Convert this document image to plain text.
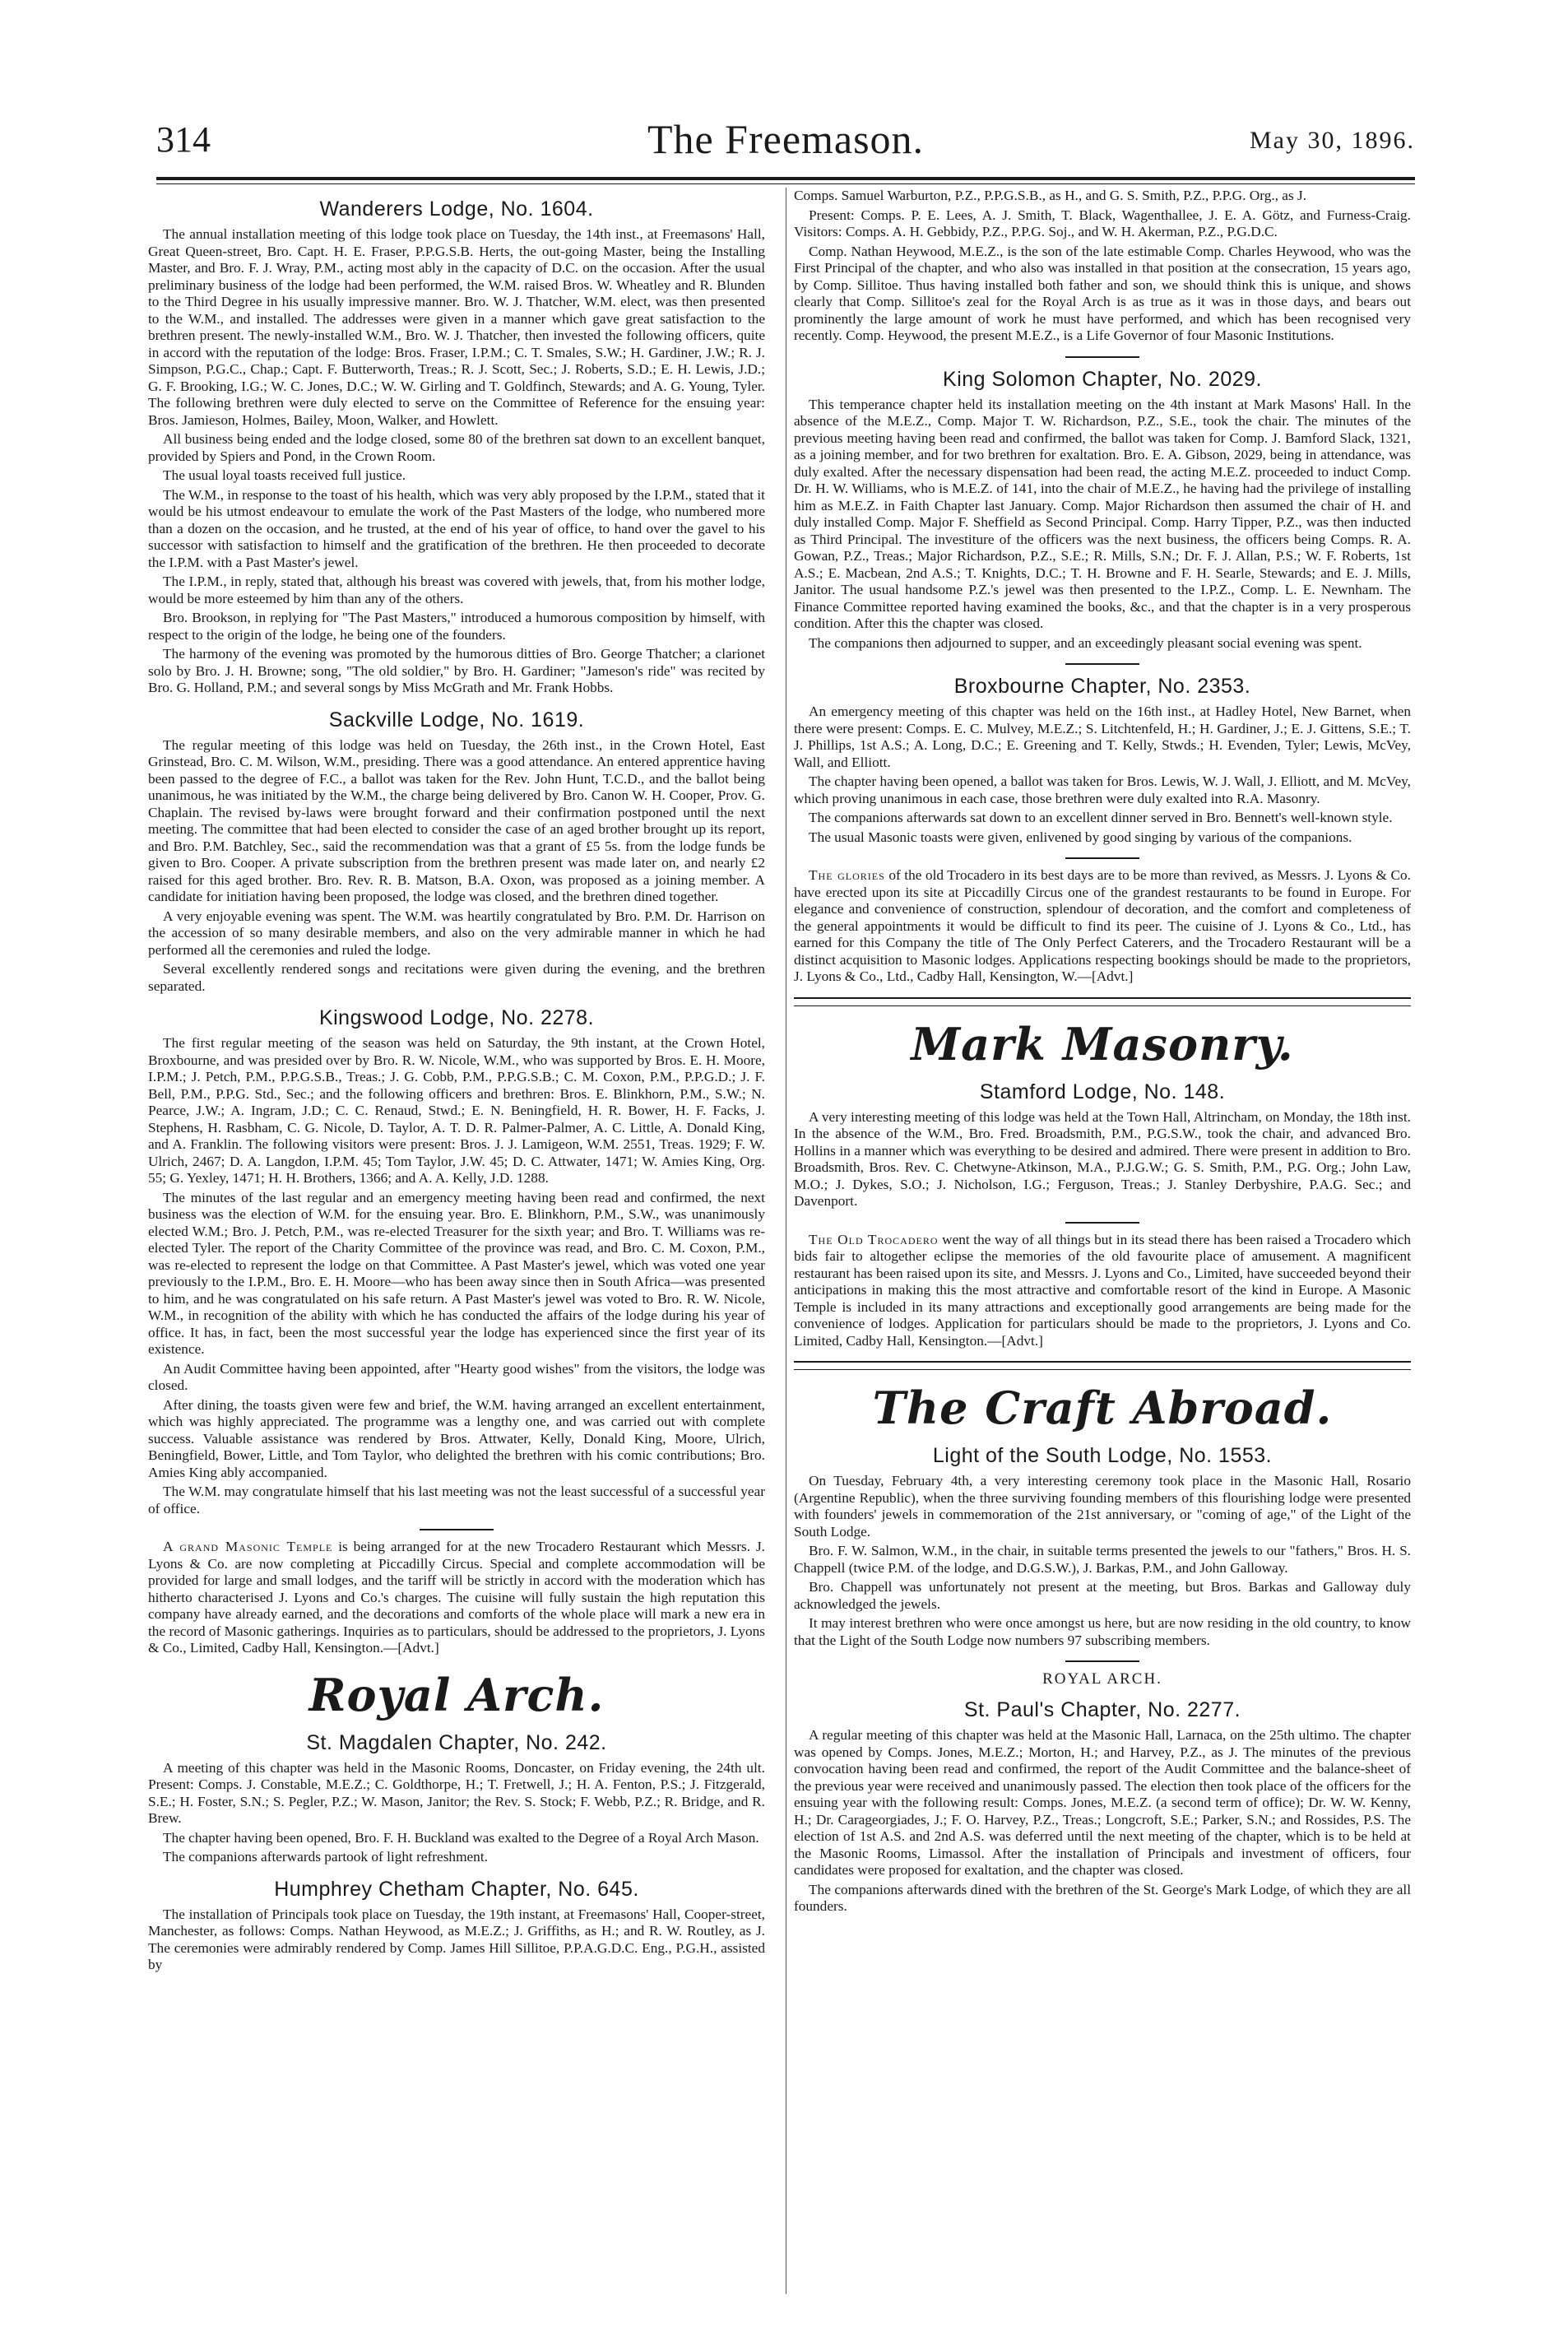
314	The Freemason.	May 30, 1896.
Wanderers Lodge, No. 1604.

The annual installation meeting of this lodge took place on Tuesday, the 14th inst., at Freemasons' Hall, Great Queen-street, Bro. Capt. H. E. Fraser, P.P.G.S.B. Herts, the out-going Master, being the Installing Master, and Bro. F. J. Wray, P.M., acting most ably in the capacity of D.C. on the occasion. After the usual preliminary business of the lodge had been performed, the W.M. raised Bros. W. Wheatley and R. Blunden to the Third Degree in his usually impressive manner. Bro. W. J. Thatcher, W.M. elect, was then presented to the W.M., and installed. The addresses were given in a manner which gave great satisfaction to the brethren present. The newly-installed W.M., Bro. W. J. Thatcher, then invested the following officers, quite in accord with the reputation of the lodge: Bros. Fraser, I.P.M.; C. T. Smales, S.W.; H. Gardiner, J.W.; R. J. Simpson, P.G.C., Chap.; Capt. F. Butterworth, Treas.; R. J. Scott, Sec.; J. Roberts, S.D.; E. H. Lewis, J.D.; G. F. Brooking, I.G.; W. C. Jones, D.C.; W. W. Girling and T. Goldfinch, Stewards; and A. G. Young, Tyler. The following brethren were duly elected to serve on the Committee of Reference for the ensuing year: Bros. Jamieson, Holmes, Bailey, Moon, Walker, and Howlett.

All business being ended and the lodge closed, some 80 of the brethren sat down to an excellent banquet, provided by Spiers and Pond, in the Crown Room.

The usual loyal toasts received full justice.

The W.M., in response to the toast of his health, which was very ably proposed by the I.P.M., stated that it would be his utmost endeavour to emulate the work of the Past Masters of the lodge, who numbered more than a dozen on the occasion, and he trusted, at the end of his year of office, to hand over the gavel to his successor with satisfaction to himself and the gratification of the brethren. He then proceeded to decorate the I.P.M. with a Past Master's jewel.

The I.P.M., in reply, stated that, although his breast was covered with jewels, that, from his mother lodge, would be more esteemed by him than any of the others.

Bro. Brookson, in replying for "The Past Masters," introduced a humorous composition by himself, with respect to the origin of the lodge, he being one of the founders.

The harmony of the evening was promoted by the humorous ditties of Bro. George Thatcher; a clarionet solo by Bro. J. H. Browne; song, "The old soldier," by Bro. H. Gardiner; "Jameson's ride" was recited by Bro. G. Holland, P.M.; and several songs by Miss McGrath and Mr. Frank Hobbs.

Sackville Lodge, No. 1619.

The regular meeting of this lodge was held on Tuesday, the 26th inst., in the Crown Hotel, East Grinstead, Bro. C. M. Wilson, W.M., presiding. There was a good attendance. An entered apprentice having been passed to the degree of F.C., a ballot was taken for the Rev. John Hunt, T.C.D., and the ballot being unanimous, he was initiated by the W.M., the charge being delivered by Bro. Canon W. H. Cooper, Prov. G. Chaplain. The revised by-laws were brought forward and their confirmation postponed until the next meeting. The committee that had been elected to consider the case of an aged brother brought up its report, and Bro. P.M. Batchley, Sec., said the recommendation was that a grant of £5 5s. from the lodge funds be given to Bro. Cooper. A private subscription from the brethren present was made later on, and nearly £2 raised for this aged brother. Bro. Rev. R. B. Matson, B.A. Oxon, was proposed as a joining member. A candidate for initiation having been proposed, the lodge was closed, and the brethren dined together.

A very enjoyable evening was spent. The W.M. was heartily congratulated by Bro. P.M. Dr. Harrison on the accession of so many desirable members, and also on the very admirable manner in which he had performed all the ceremonies and ruled the lodge.

Several excellently rendered songs and recitations were given during the evening, and the brethren separated.

Kingswood Lodge, No. 2278.

The first regular meeting of the season was held on Saturday, the 9th instant, at the Crown Hotel, Broxbourne, and was presided over by Bro. R. W. Nicole, W.M., who was supported by Bros. E. H. Moore, I.P.M.; J. Petch, P.M., P.P.G.S.B., Treas.; J. G. Cobb, P.M., P.P.G.S.B.; C. M. Coxon, P.M., P.P.G.D.; J. F. Bell, P.M., P.P.G. Std., Sec.; and the following officers and brethren: Bros. E. Blinkhorn, P.M., S.W.; N. Pearce, J.W.; A. Ingram, J.D.; C. C. Renaud, Stwd.; E. N. Beningfield, H. R. Bower, H. F. Facks, J. Stephens, H. Rasbham, C. G. Nicole, D. Taylor, A. T. D. R. Palmer-Palmer, A. C. Little, A. Donald King, and A. Franklin. The following visitors were present: Bros. J. J. Lamigeon, W.M. 2551, Treas. 1929; F. W. Ulrich, 2467; D. A. Langdon, I.P.M. 45; Tom Taylor, J.W. 45; D. C. Attwater, 1471; W. Amies King, Org. 55; G. Yexley, 1471; H. H. Brothers, 1366; and A. A. Kelly, J.D. 1288.

The minutes of the last regular and an emergency meeting having been read and confirmed, the next business was the election of W.M. for the ensuing year. Bro. E. Blinkhorn, P.M., S.W., was unanimously elected W.M.; Bro. J. Petch, P.M., was re-elected Treasurer for the sixth year; and Bro. T. Williams was re-elected Tyler. The report of the Charity Committee of the province was read, and Bro. C. M. Coxon, P.M., was re-elected to represent the lodge on that Committee. A Past Master's jewel, which was voted one year previously to the I.P.M., Bro. E. H. Moore—who has been away since then in South Africa—was presented to him, and he was congratulated on his safe return. A Past Master's jewel was voted to Bro. R. W. Nicole, W.M., in recognition of the ability with which he has conducted the affairs of the lodge during his year of office. It has, in fact, been the most successful year the lodge has experienced since the first year of its existence.

An Audit Committee having been appointed, after "Hearty good wishes" from the visitors, the lodge was closed.

After dining, the toasts given were few and brief, the W.M. having arranged an excellent entertainment, which was highly appreciated. The programme was a lengthy one, and was carried out with complete success. Valuable assistance was rendered by Bros. Attwater, Kelly, Donald King, Moore, Ulrich, Beningfield, Bower, Little, and Tom Taylor, who delighted the brethren with his comic contributions; Bro. Amies King ably accompanied.

The W.M. may congratulate himself that his last meeting was not the least successful of a successful year of office.

A grand Masonic Temple is being arranged for at the new Trocadero Restaurant which Messrs. J. Lyons & Co. are now completing at Piccadilly Circus. Special and complete accommodation will be provided for large and small lodges, and the tariff will be strictly in accord with the moderation which has hitherto characterised J. Lyons and Co.'s charges. The cuisine will fully sustain the high reputation this company have already earned, and the decorations and comforts of the whole place will mark a new era in the record of Masonic gatherings. Inquiries as to particulars, should be addressed to the proprietors, J. Lyons & Co., Limited, Cadby Hall, Kensington.—[Advt.]

Royal Arch.
St. Magdalen Chapter, No. 242.

A meeting of this chapter was held in the Masonic Rooms, Doncaster, on Friday evening, the 24th ult. Present: Comps. J. Constable, M.E.Z.; C. Goldthorpe, H.; T. Fretwell, J.; H. A. Fenton, P.S.; J. Fitzgerald, S.E.; H. Foster, S.N.; S. Pegler, P.Z.; W. Mason, Janitor; the Rev. S. Stock; F. Webb, P.Z.; R. Bridge, and R. Brew.

The chapter having been opened, Bro. F. H. Buckland was exalted to the Degree of a Royal Arch Mason.

The companions afterwards partook of light refreshment.

Humphrey Chetham Chapter, No. 645.

The installation of Principals took place on Tuesday, the 19th instant, at Freemasons' Hall, Cooper-street, Manchester, as follows: Comps. Nathan Heywood, as M.E.Z.; J. Griffiths, as H.; and R. W. Routley, as J. The ceremonies were admirably rendered by Comp. James Hill Sillitoe, P.P.A.G.D.C. Eng., P.G.H., assisted by

Comps. Samuel Warburton, P.Z., P.P.G.S.B., as H., and G. S. Smith, P.Z., P.P.G. Org., as J.

Present: Comps. P. E. Lees, A. J. Smith, T. Black, Wagenthallee, J. E. A. Götz, and Furness-Craig. Visitors: Comps. A. H. Gebbidy, P.Z., P.P.G. Soj., and W. H. Akerman, P.Z., P.G.D.C.

Comp. Nathan Heywood, M.E.Z., is the son of the late estimable Comp. Charles Heywood, who was the First Principal of the chapter, and who also was installed in that position at the consecration, 15 years ago, by Comp. Sillitoe. Thus having installed both father and son, we should think this is unique, and shows clearly that Comp. Sillitoe's zeal for the Royal Arch is as true as it was in those days, and bears out prominently the large amount of work he must have performed, and which has been recognised very recently. Comp. Heywood, the present M.E.Z., is a Life Governor of four Masonic Institutions.

King Solomon Chapter, No. 2029.

This temperance chapter held its installation meeting on the 4th instant at Mark Masons' Hall. In the absence of the M.E.Z., Comp. Major T. W. Richardson, P.Z., S.E., took the chair. The minutes of the previous meeting having been read and confirmed, the ballot was taken for Comp. J. Bamford Slack, 1321, as a joining member, and for two brethren for exaltation. Bro. E. A. Gibson, 2029, being in attendance, was duly exalted. After the necessary dispensation had been read, the acting M.E.Z. proceeded to induct Comp. Dr. H. W. Williams, who is M.E.Z. of 141, into the chair of M.E.Z., he having had the privilege of installing him as M.E.Z. in Faith Chapter last January. Comp. Major Richardson then assumed the chair of H. and duly installed Comp. Major F. Sheffield as Second Principal. Comp. Harry Tipper, P.Z., was then inducted as Third Principal. The investiture of the officers was the next business, the officers being Comps. R. A. Gowan, P.Z., Treas.; Major Richardson, P.Z., S.E.; R. Mills, S.N.; Dr. F. J. Allan, P.S.; W. F. Roberts, 1st A.S.; E. Macbean, 2nd A.S.; T. Knights, D.C.; T. H. Browne and F. H. Searle, Stewards; and E. J. Mills, Janitor. The usual handsome P.Z.'s jewel was then presented to the I.P.Z., Comp. L. E. Newnham. The Finance Committee reported having examined the books, &c., and that the chapter is in a very prosperous condition. After this the chapter was closed.

The companions then adjourned to supper, and an exceedingly pleasant social evening was spent.

Broxbourne Chapter, No. 2353.

An emergency meeting of this chapter was held on the 16th inst., at Hadley Hotel, New Barnet, when there were present: Comps. E. C. Mulvey, M.E.Z.; S. Litchtenfeld, H.; H. Gardiner, J.; E. J. Gittens, S.E.; T. J. Phillips, 1st A.S.; A. Long, D.C.; E. Greening and T. Kelly, Stwds.; H. Evenden, Tyler; Lewis, McVey, Wall, and Elliott.

The chapter having been opened, a ballot was taken for Bros. Lewis, W. J. Wall, J. Elliott, and M. McVey, which proving unanimous in each case, those brethren were duly exalted into R.A. Masonry.

The companions afterwards sat down to an excellent dinner served in Bro. Bennett's well-known style.

The usual Masonic toasts were given, enlivened by good singing by various of the companions.

The glories of the old Trocadero in its best days are to be more than revived, as Messrs. J. Lyons & Co. have erected upon its site at Piccadilly Circus one of the grandest restaurants to be found in Europe. For elegance and convenience of construction, splendour of decoration, and the comfort and completeness of the general appointments it would be difficult to find its peer. The cuisine of J. Lyons & Co., Ltd., has earned for this Company the title of The Only Perfect Caterers, and the Trocadero Restaurant will be a distinct acquisition to Masonic lodges. Applications respecting bookings should be made to the proprietors, J. Lyons & Co., Ltd., Cadby Hall, Kensington, W.—[Advt.]

Mark Masonry.
Stamford Lodge, No. 148.

A very interesting meeting of this lodge was held at the Town Hall, Altrincham, on Monday, the 18th inst. In the absence of the W.M., Bro. Fred. Broadsmith, P.M., P.G.S.W., took the chair, and advanced Bro. Hollins in a manner which was everything to be desired and admired. There were present in addition to Bro. Broadsmith, Bros. Rev. C. Chetwyne-Atkinson, M.A., P.J.G.W.; G. S. Smith, P.M., P.G. Org.; John Law, M.O.; J. Dykes, S.O.; J. Nicholson, I.G.; Ferguson, Treas.; J. Stanley Derbyshire, P.A.G. Sec.; and Davenport.

The Old Trocadero went the way of all things but in its stead there has been raised a Trocadero which bids fair to altogether eclipse the memories of the old favourite place of amusement. A magnificent restaurant has been raised upon its site, and Messrs. J. Lyons and Co., Limited, have succeeded beyond their anticipations in making this the most attractive and comfortable resort of the kind in Europe. A Masonic Temple is included in its many attractions and exceptionally good arrangements are being made for the convenience of lodges. Application for particulars should be made to the proprietors, J. Lyons and Co. Limited, Cadby Hall, Kensington.—[Advt.]

The Craft Abroad.
Light of the South Lodge, No. 1553.

On Tuesday, February 4th, a very interesting ceremony took place in the Masonic Hall, Rosario (Argentine Republic), when the three surviving founding members of this flourishing lodge were presented with founders' jewels in commemoration of the 21st anniversary, or "coming of age," of the Light of the South Lodge.

Bro. F. W. Salmon, W.M., in the chair, in suitable terms presented the jewels to our "fathers," Bros. H. S. Chappell (twice P.M. of the lodge, and D.G.S.W.), J. Barkas, P.M., and John Galloway.

Bro. Chappell was unfortunately not present at the meeting, but Bros. Barkas and Galloway duly acknowledged the jewels.

It may interest brethren who were once amongst us here, but are now residing in the old country, to know that the Light of the South Lodge now numbers 97 subscribing members.

ROYAL ARCH.
St. Paul's Chapter, No. 2277.

A regular meeting of this chapter was held at the Masonic Hall, Larnaca, on the 25th ultimo. The chapter was opened by Comps. Jones, M.E.Z.; Morton, H.; and Harvey, P.Z., as J. The minutes of the previous convocation having been read and confirmed, the report of the Audit Committee and the balance-sheet of the previous year were received and unanimously passed. The election then took place of the officers for the ensuing year with the following result: Comps. Jones, M.E.Z. (a second term of office); Dr. W. W. Kenny, H.; Dr. Carageorgiades, J.; F. O. Harvey, P.Z., Treas.; Longcroft, S.E.; Parker, S.N.; and Rossides, P.S. The election of 1st A.S. and 2nd A.S. was deferred until the next meeting of the chapter, which is to be held at the Masonic Rooms, Limassol. After the installation of Principals and investment of officers, four candidates were proposed for exaltation, and the chapter was closed.

The companions afterwards dined with the brethren of the St. George's Mark Lodge, of which they are all founders.
